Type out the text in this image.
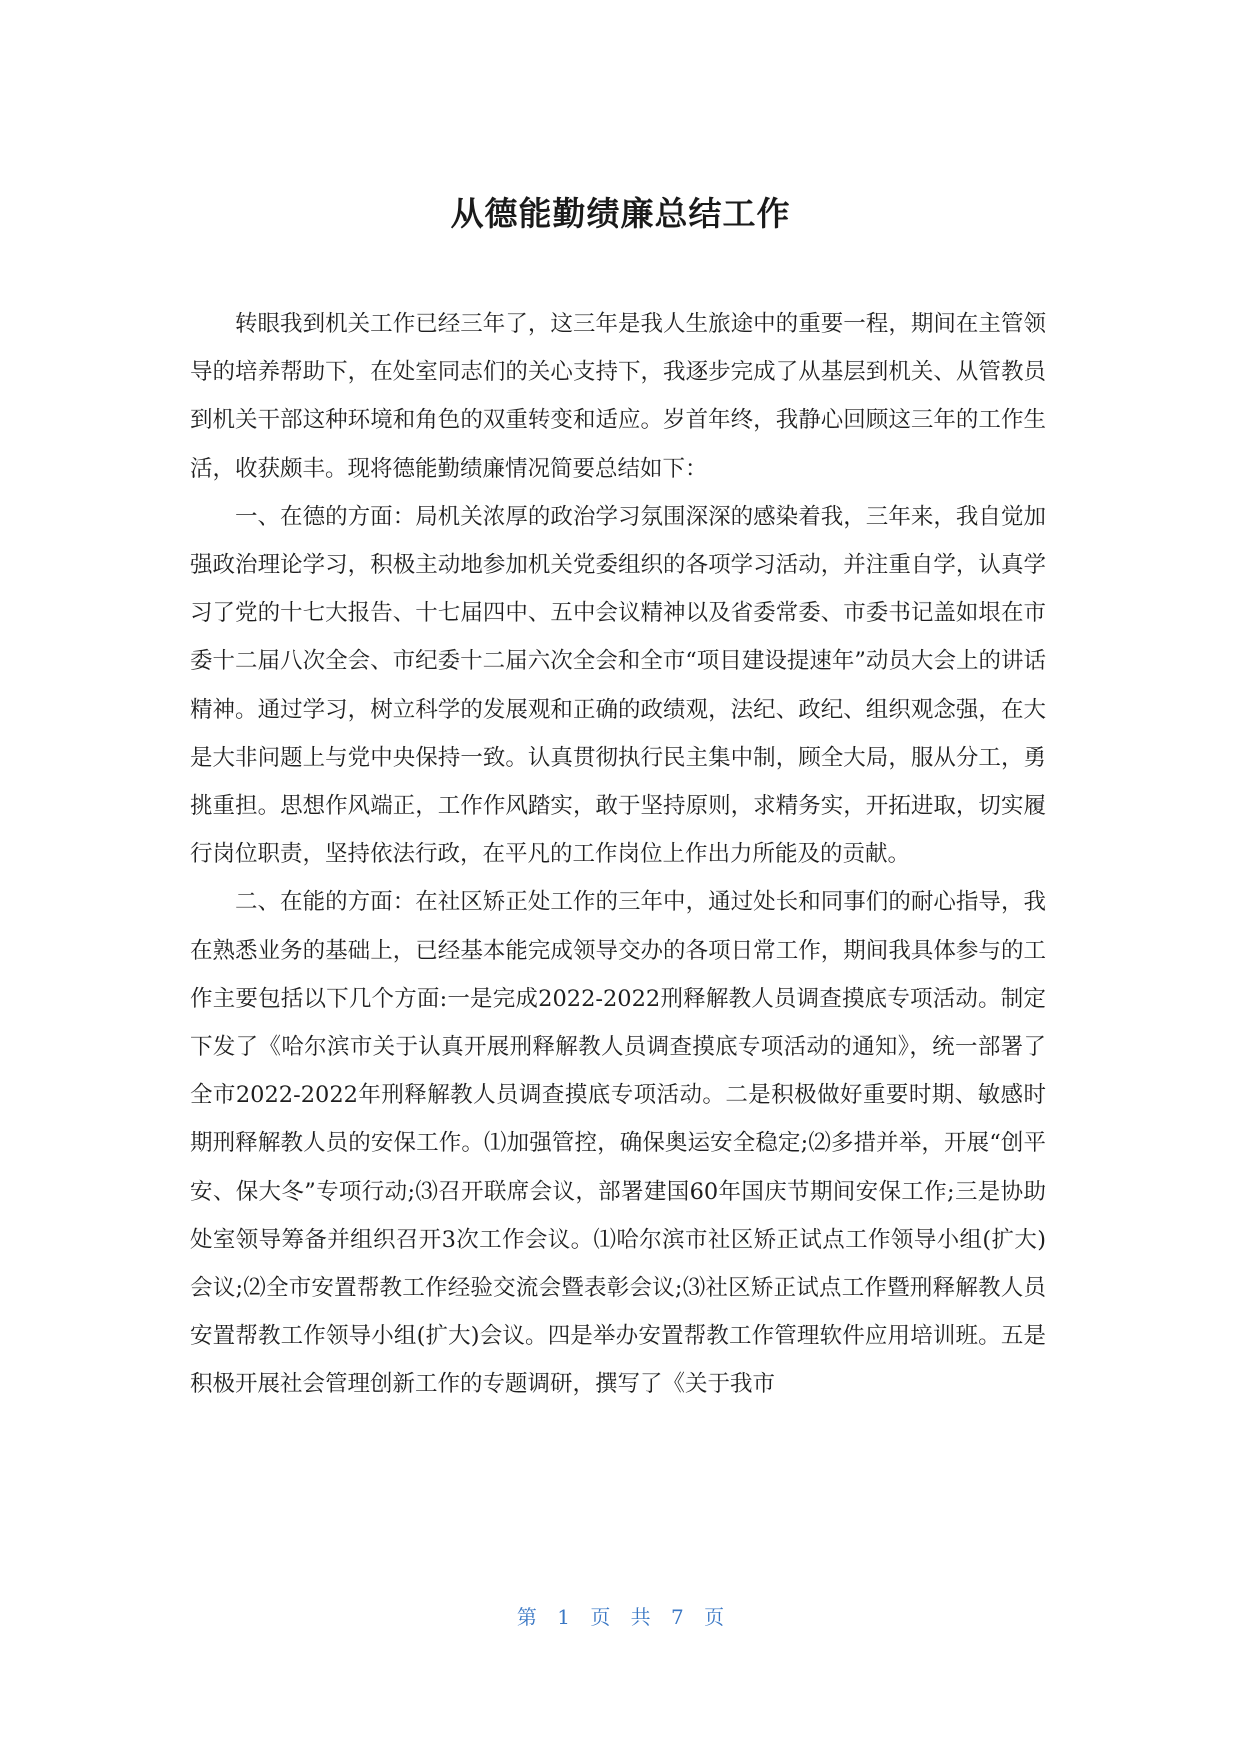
从德能勤绩廉总结工作

转眼我到机关工作已经三年了，这三年是我人生旅途中的重要一程，期间在主管领导的培养帮助下，在处室同志们的关心支持下，我逐步完成了从基层到机关、从管教员到机关干部这种环境和角色的双重转变和适应。岁首年终，我静心回顾这三年的工作生活，收获颇丰。现将德能勤绩廉情况简要总结如下：

一、在德的方面：局机关浓厚的政治学习氛围深深的感染着我，三年来，我自觉加强政治理论学习，积极主动地参加机关党委组织的各项学习活动，并注重自学，认真学习了党的十七大报告、十七届四中、五中会议精神以及省委常委、市委书记盖如垠在市委十二届八次全会、市纪委十二届六次全会和全市“项目建设提速年”动员大会上的讲话精神。通过学习，树立科学的发展观和正确的政绩观，法纪、政纪、组织观念强，在大是大非问题上与党中央保持一致。认真贯彻执行民主集中制，顾全大局，服从分工，勇挑重担。思想作风端正，工作作风踏实，敢于坚持原则，求精务实，开拓进取，切实履行岗位职责，坚持依法行政，在平凡的工作岗位上作出力所能及的贡献。

二、在能的方面：在社区矫正处工作的三年中，通过处长和同事们的耐心指导，我在熟悉业务的基础上，已经基本能完成领导交办的各项日常工作，期间我具体参与的工作主要包括以下几个方面:一是完成2022-2022刑释解教人员调查摸底专项活动。制定下发了《哈尔滨市关于认真开展刑释解教人员调查摸底专项活动的通知》，统一部署了全市2022-2022年刑释解教人员调查摸底专项活动。二是积极做好重要时期、敏感时期刑释解教人员的安保工作。⑴加强管控，确保奥运安全稳定;⑵多措并举，开展“创平安、保大冬”专项行动;⑶召开联席会议，部署建国60年国庆节期间安保工作;三是协助处室领导筹备并组织召开3次工作会议。⑴哈尔滨市社区矫正试点工作领导小组(扩大)会议;⑵全市安置帮教工作经验交流会暨表彰会议;⑶社区矫正试点工作暨刑释解教人员安置帮教工作领导小组(扩大)会议。四是举办安置帮教工作管理软件应用培训班。五是积极开展社会管理创新工作的专题调研，撰写了《关于我市

第 1 页 共 7 页
